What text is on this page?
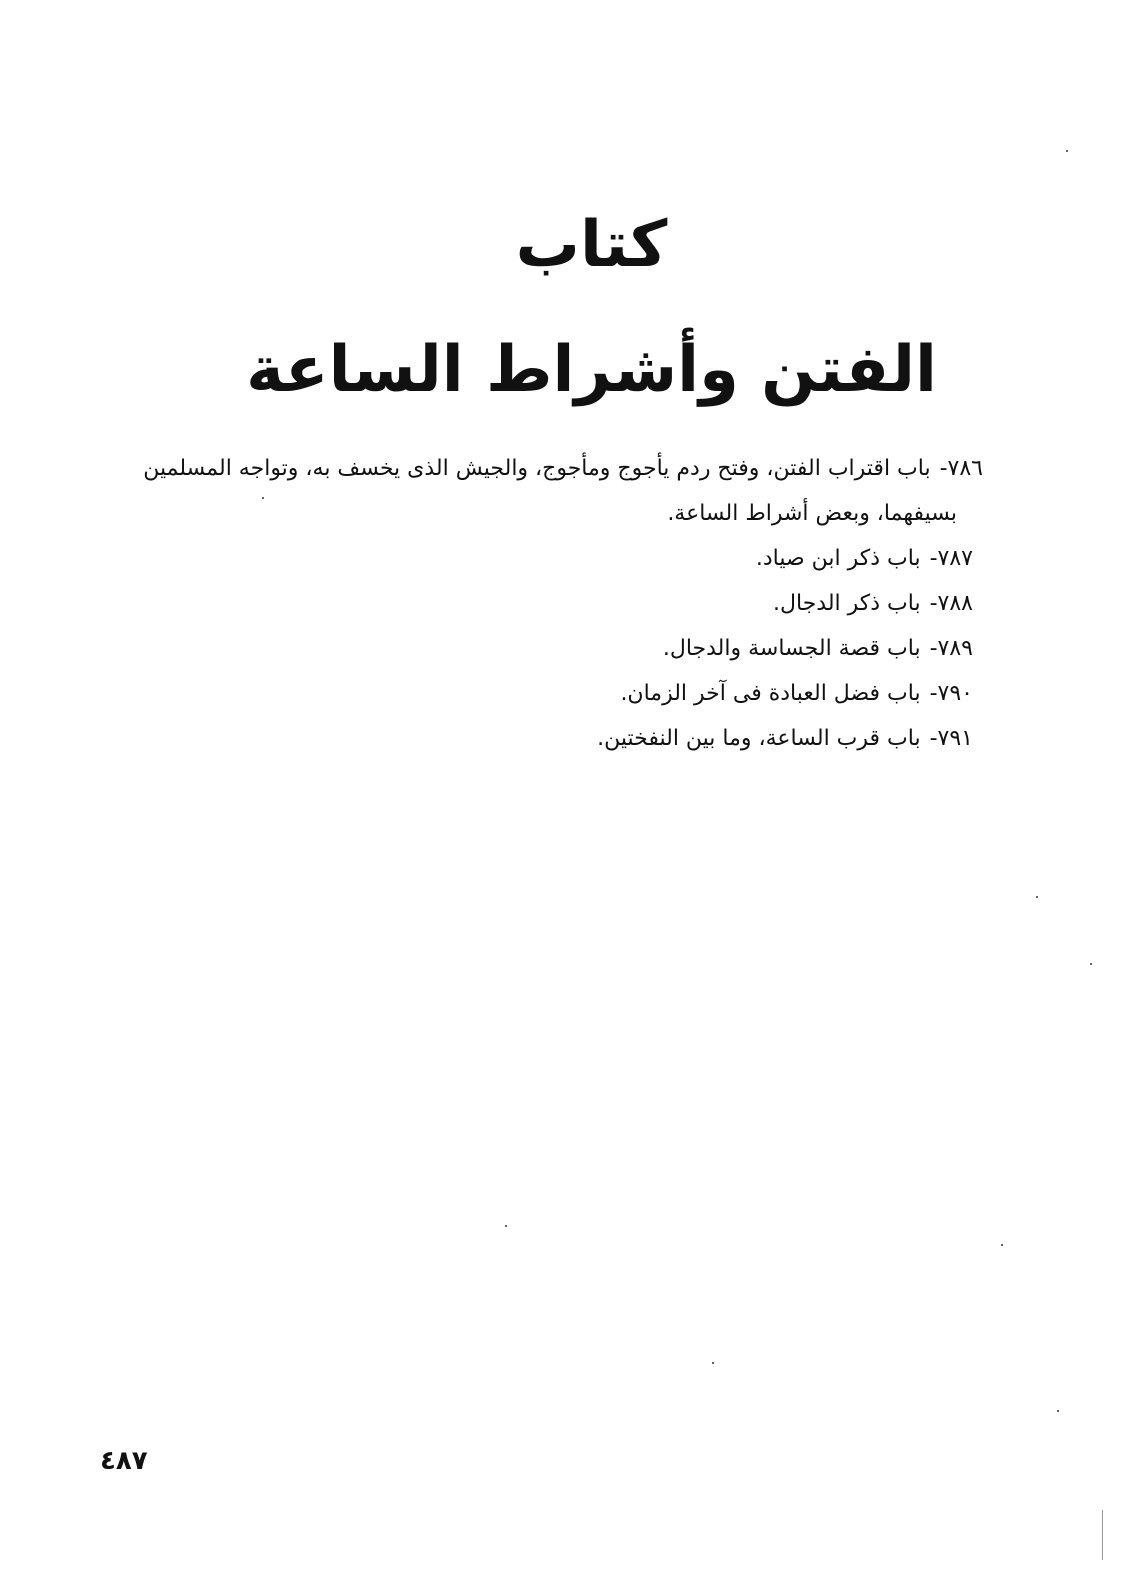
كتاب
الفتن وأشراط الساعة
٧٨٦- باب اقتراب الفتن، وفتح ردم يأجوج ومأجوج، والجيش الذى يخسف به، وتواجه المسلمين
بسيفهما، وبعض أشراط الساعة.
٧٨٧- باب ذكر ابن صياد.
٧٨٨- باب ذكر الدجال.
٧٨٩- باب قصة الجساسة والدجال.
٧٩٠- باب فضل العبادة فى آخر الزمان.
٧٩١- باب قرب الساعة، وما بين النفختين.
٤٨٧
